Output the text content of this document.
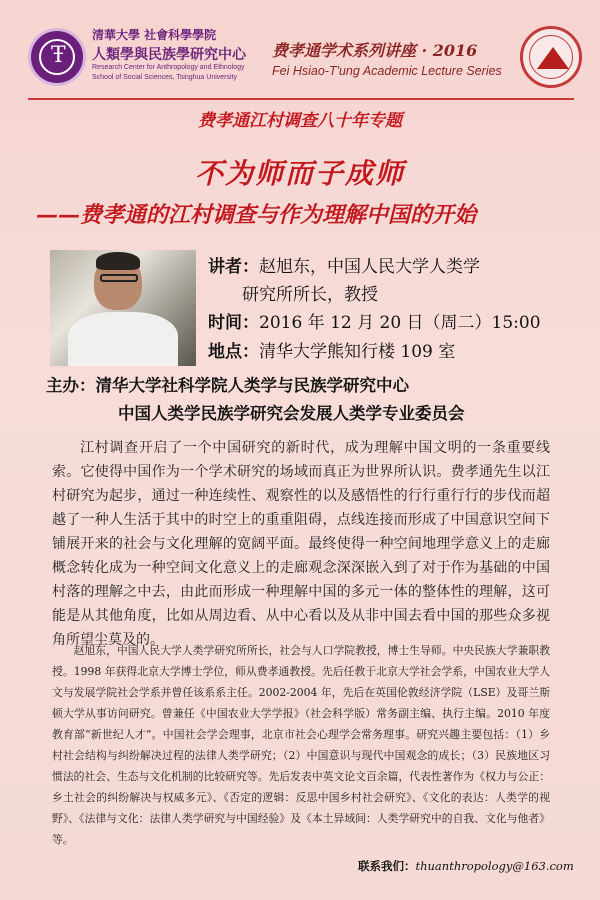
Ŧ
清華大學 社會科學學院
人類學與民族學研究中心
Research Center for Anthropology and Ethnology
School of Social Sciences, Tsinghua University
费孝通学术系列讲座 · 2016
Fei Hsiao-T'ung Academic Lecture Series
费孝通江村调查八十年专题
不为师而子成师
——费孝通的江村调查与作为理解中国的开始
讲者：赵旭东，中国人民大学人类学
研究所所长，教授
时间：2016 年 12 月 20 日（周二）15:00
地点：清华大学熊知行楼 109 室
主办：清华大学社科学院人类学与民族学研究中心
中国人类学民族学研究会发展人类学专业委员会
江村调查开启了一个中国研究的新时代，成为理解中国文明的一条重要线索。它使得中国作为一个学术研究的场域而真正为世界所认识。费孝通先生以江村研究为起步，通过一种连续性、观察性的以及感悟性的行行重行行的步伐而超越了一种人生活于其中的时空上的重重阻碍，点线连接而形成了中国意识空间下铺展开来的社会与文化理解的宽阔平面。最终使得一种空间地理学意义上的走廊概念转化成为一种空间文化意义上的走廊观念深深嵌入到了对于作为基础的中国村落的理解之中去，由此而形成一种理解中国的多元一体的整体性的理解，这可能是从其他角度，比如从周边看、从中心看以及从非中国去看中国的那些众多视角所望尘莫及的。
赵旭东，中国人民大学人类学研究所所长，社会与人口学院教授，博士生导师。中央民族大学兼职教授。1998 年获得北京大学博士学位，师从费孝通教授。先后任教于北京大学社会学系，中国农业大学人文与发展学院社会学系并曾任该系系主任。2002-2004 年，先后在英国伦敦经济学院（LSE）及哥兰斯顿大学从事访问研究。曾兼任《中国农业大学学报》（社会科学版）常务副主编、执行主编。2010 年度教育部“新世纪人才”。中国社会学会理事，北京市社会心理学会常务理事。研究兴趣主要包括：（1）乡村社会结构与纠纷解决过程的法律人类学研究；（2）中国意识与现代中国观念的成长；（3）民族地区习惯法的社会、生态与文化机制的比较研究等。先后发表中英文论文百余篇，代表性著作为《权力与公正：乡土社会的纠纷解决与权威多元》、《否定的逻辑：反思中国乡村社会研究》、《文化的表达：人类学的视野》、《法律与文化：法律人类学研究与中国经验》及《本土异域间：人类学研究中的自我、文化与他者》等。
联系我们：thuanthropology@163.com
